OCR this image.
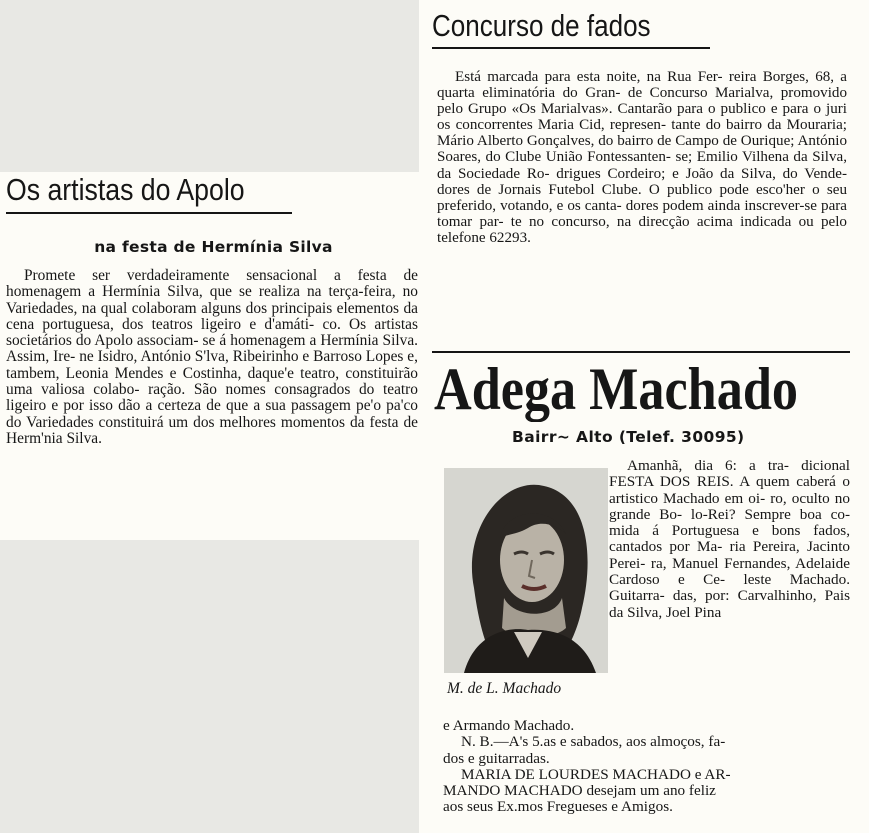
Os artistas do Apolo
na festa de Hermínia Silva

Promete ser verdadeiramente sensacional a festa de homenagem a Hermínia Silva, que se realiza na terça-feira, no Variedades, na qual colaboram alguns dos principais elementos da cena portuguesa, dos teatros ligeiro e d'amáti- co. Os artistas societários do Apolo associam- se á homenagem a Hermínia Silva. Assim, Ire- ne Isidro, António S'lva, Ribeirinho e Barroso Lopes e, tambem, Leonia Mendes e Costinha, daque'e teatro, constituirão uma valiosa colabo- ração. São nomes consagrados do teatro ligeiro e por isso dão a certeza de que a sua passagem pe'o pa'co do Variedades constituirá um dos melhores momentos da festa de Herm'nia Silva.

Concurso de fados

Está marcada para esta noite, na Rua Fer- reira Borges, 68, a quarta eliminatória do Gran- de Concurso Marialva, promovido pelo Grupo «Os Marialvas». Cantarão para o publico e para o juri os concorrentes Maria Cid, represen- tante do bairro da Mouraria; Mário Alberto Gonçalves, do bairro de Campo de Ourique; António Soares, do Clube União Fontessanten- se; Emilio Vilhena da Silva, da Sociedade Ro- drigues Cordeiro; e João da Silva, do Vende- dores de Jornais Futebol Clube. O publico pode esco'her o seu preferido, votando, e os canta- dores podem ainda inscrever-se para tomar par- te no concurso, na direcção acima indicada ou pelo telefone 62293.

Adega Machado

Bairr~ Alto (Telef. 30095)

M. de L. Machado

Amanhã, dia 6: a tra- dicional FESTA DOS REIS. A quem caberá o artistico Machado em oi- ro, oculto no grande Bo- lo-Rei? Sempre boa co- mida á Portuguesa e bons fados, cantados por Ma- ria Pereira, Jacinto Perei- ra, Manuel Fernandes, Adelaide Cardoso e Ce- leste Machado. Guitarra- das, por: Carvalhinho, Pais da Silva, Joel Pina

e Armando Machado.
N. B.—A's 5.as e sabados, aos almoços, fa-
dos e guitarradas.
MARIA DE LOURDES MACHADO e AR-
MANDO MACHADO desejam um ano feliz
aos seus Ex.mos Fregueses e Amigos.
